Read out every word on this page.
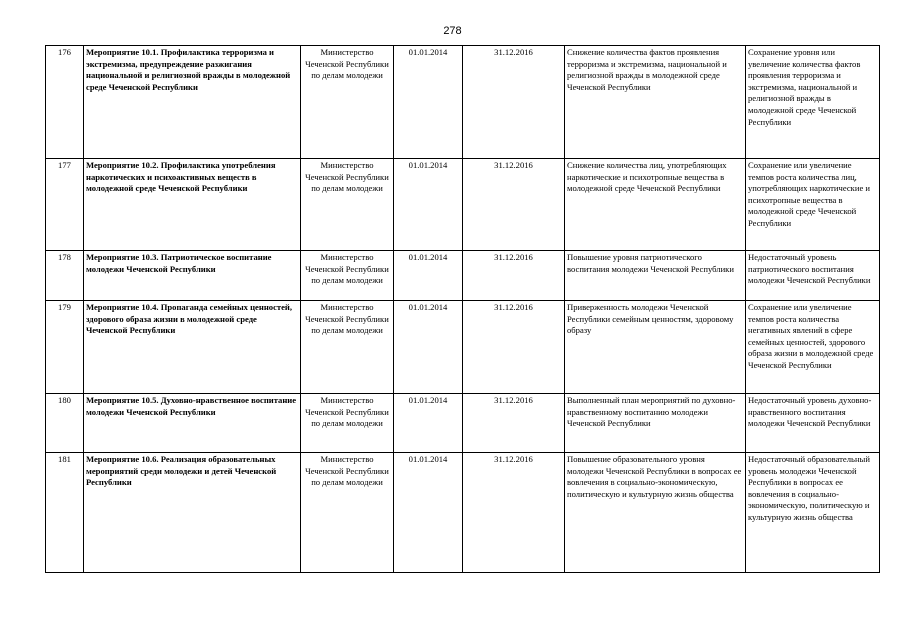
278
176	Мероприятие 10.1. Профилактика терроризма и экстремизма, предупреждение разжигания национальной и религиозной вражды в молодежной среде Чеченской Республики	Министерство Чеченской Республики по делам молодежи	01.01.2014	31.12.2016	Снижение количества фактов проявления терроризма и экстремизма, национальной и религиозной вражды в молодежной среде Чеченской Республики	Сохранение уровня или увеличение количества фактов проявления терроризма и экстремизма, национальной и религиозной вражды в молодежной среде Чеченской Республики
177	Мероприятие 10.2. Профилактика употребления наркотических и психоактивных веществ в молодежной среде Чеченской Республики	Министерство Чеченской Республики по делам молодежи	01.01.2014	31.12.2016	Снижение количества лиц, употребляющих наркотические и психотропные вещества в молодежной среде Чеченской Республики	Сохранение или увеличение темпов роста количества лиц, употребляющих наркотические и психотропные вещества в молодежной среде Чеченской Республики
178	Мероприятие 10.3. Патриотическое воспитание молодежи Чеченской Республики	Министерство Чеченской Республики по делам молодежи	01.01.2014	31.12.2016	Повышение уровня патриотического воспитания молодежи Чеченской Республики	Недостаточный уровень патриотического воспитания молодежи Чеченской Республики
179	Мероприятие 10.4. Пропаганда семейных ценностей, здорового образа жизни в молодежной среде Чеченской Республики	Министерство Чеченской Республики по делам молодежи	01.01.2014	31.12.2016	Приверженность молодежи Чеченской Республики семейным ценностям, здоровому образу	Сохранение или увеличение темпов роста количества негативных явлений в сфере семейных ценностей, здорового образа жизни в молодежной среде Чеченской Республики
180	Мероприятие 10.5. Духовно-нравственное воспитание молодежи Чеченской Республики	Министерство Чеченской Республики по делам молодежи	01.01.2014	31.12.2016	Выполненный план мероприятий по духовно-нравственному воспитанию молодежи Чеченской Республики	Недостаточный уровень духовно-нравственного воспитания молодежи Чеченской Республики
181	Мероприятие 10.6. Реализация образовательных мероприятий среди молодежи и детей Чеченской Республики	Министерство Чеченской Республики по делам молодежи	01.01.2014	31.12.2016	Повышение образовательного уровня молодежи Чеченской Республики в вопросах ее вовлечения в социально-экономическую, политическую и культурную жизнь общества	Недостаточный образовательный уровень молодежи Чеченской Республики в вопросах ее вовлечения в социально-экономическую, политическую и культурную жизнь общества
